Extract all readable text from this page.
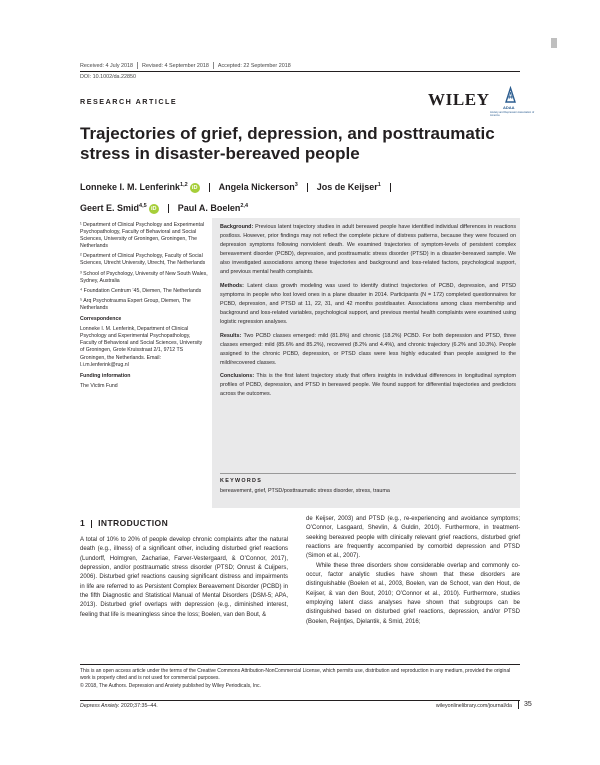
Received: 4 July 2018 Revised: 4 September 2018 Accepted: 22 September 2018
DOI: 10.1002/da.22850
RESEARCH ARTICLE	WILEY	ADAA
Anxiety and Depression Association of America
Trajectories of grief, depression, and posttraumatic stress in disaster-bereaved people
Lonneke I. M. Lenferink$^{1,2}$ iD Angela Nickerson$^3$ Jos de Keijser$^1$
Geert E. Smid$^{4,5}$ iD Paul A. Boelen$^{2,4}$

¹ Department of Clinical Psychology and Experimental Psychopathology, Faculty of Behavioral and Social Sciences, University of Groningen, Groningen, The Netherlands

² Department of Clinical Psychology, Faculty of Social Sciences, Utrecht University, Utrecht, The Netherlands

³ School of Psychology, University of New South Wales, Sydney, Australia

⁴ Foundation Centrum ’45, Diemen, The Netherlands

⁵ Arq Psychotrauma Expert Group, Diemen, The Netherlands

Correspondence

Lonneke I. M. Lenferink, Department of Clinical Psychology and Experimental Psychopathology, Faculty of Behavioral and Social Sciences, University of Groningen, Grote Kruisstraat 2/1, 9712 TS Groningen, the Netherlands. Email: l.i.m.lenferink@rug.nl

Funding information

The Victim Fund

Background: Previous latent trajectory studies in adult bereaved people have identified individual differences in reactions postloss. However, prior findings may not reflect the complete picture of distress patterns, because they were focused on depression symptoms following nonviolent death. We examined trajectories of symptom-levels of persistent complex bereavement disorder (PCBD), depression, and posttraumatic stress disorder (PTSD) in a disaster-bereaved sample. We also investigated associations among these trajectories and background and loss-related factors, psychological support, and previous mental health complaints.

Methods: Latent class growth modeling was used to identify distinct trajectories of PCBD, depression, and PTSD symptoms in people who lost loved ones in a plane disaster in 2014. Participants (N = 172) completed questionnaires for PCBD, depression, and PTSD at 11, 22, 31, and 42 months postdisaster. Associations among class membership and background and loss-related variables, psychological support, and previous mental health complaints were examined using logistic regression analyses.

Results: Two PCBD classes emerged: mild (81.8%) and chronic (18.2%) PCBD. For both depression and PTSD, three classes emerged: mild (85.6% and 85.2%), recovered (8.2% and 4.4%), and chronic trajectory (6.2% and 10.3%). People assigned to the chronic PCBD, depression, or PTSD class were less highly educated than people assigned to the mild/recovered classes.

Conclusions: This is the first latent trajectory study that offers insights in individual differences in longitudinal symptom profiles of PCBD, depression, and PTSD in bereaved people. We found support for differential trajectories and predictors across the outcomes.

KEYWORDS
bereavement, grief, PTSD/posttraumatic stress disorder, stress, trauma
1 INTRODUCTION

A total of 10% to 20% of people develop chronic complaints after the natural death (e.g., illness) of a significant other, including disturbed grief reactions (Lundorff, Holmgren, Zachariae, Farver-Vestergaard, & O’Connor, 2017), depression, and/or posttraumatic stress disorder (PTSD; Onrust & Cuijpers, 2006). Disturbed grief reactions causing significant distress and impairments in life are referred to as Persistent Complex Bereavement Disorder (PCBD) in the fifth Diagnostic and Statistical Manual of Mental Disorders (DSM-5; APA, 2013). Disturbed grief overlaps with depression (e.g., diminished interest, feeling that life is meaningless since the loss; Boelen, van den Bout, &

de Keijser, 2003) and PTSD (e.g., re-experiencing and avoidance symptoms; O’Connor, Lasgaard, Shevlin, & Guldin, 2010). Furthermore, in treatment-seeking bereaved people with clinically relevant grief reactions, disturbed grief reactions are frequently accompanied by comorbid depression and PTSD (Simon et al., 2007).

While these three disorders show considerable overlap and commonly co-occur, factor analytic studies have shown that these disorders are distinguishable (Boelen et al., 2003, Boelen, van de Schoot, van den Hout, de Keijser, & van den Bout, 2010; O’Connor et al., 2010). Furthermore, studies employing latent class analyses have shown that subgroups can be distinguished based on disturbed grief reactions, depression, and/or PTSD (Boelen, Reijntjes, Djelantik, & Smid, 2016;

This is an open access article under the terms of the Creative Commons Attribution-NonCommercial License, which permits use, distribution and reproduction in any medium, provided the original work is properly cited and is not used for commercial purposes.
© 2018, The Authors. Depression and Anxiety published by Wiley Periodicals, Inc.
Depress Anxiety. 2020;37:35–44.	wileyonlinelibrary.com/journal/da 35
